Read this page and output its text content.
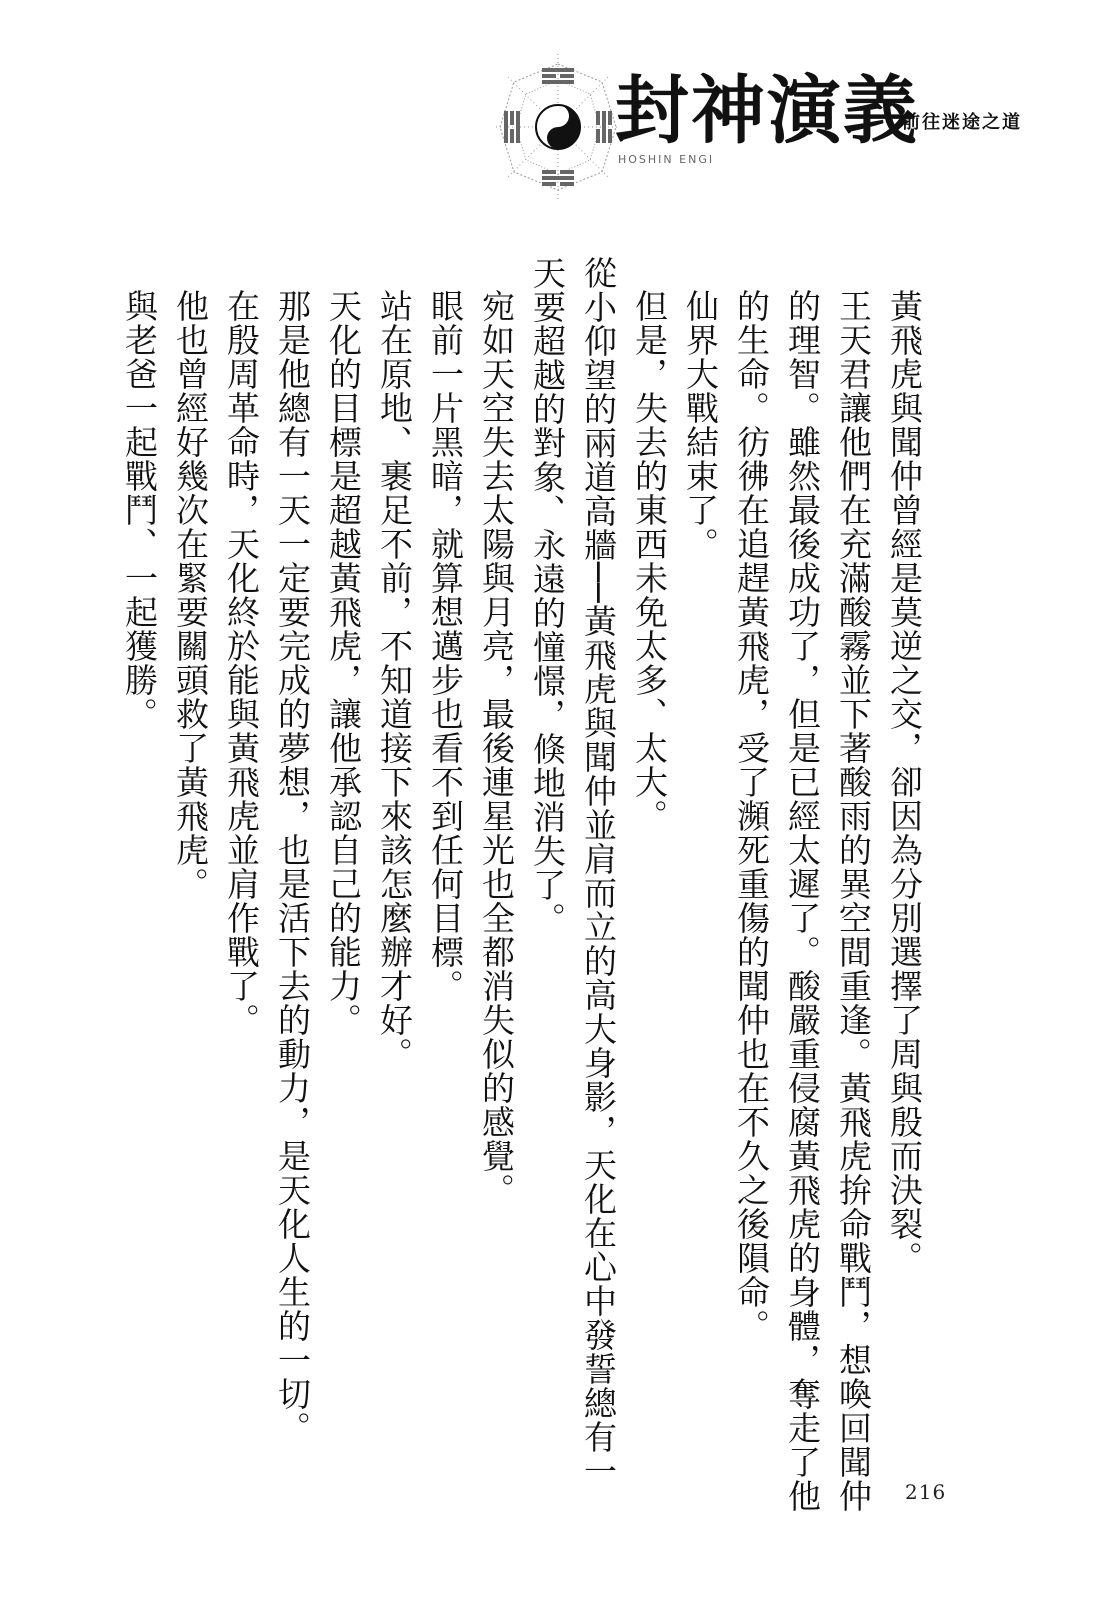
封神演義
前往迷途之道
HOSHIN ENGI

黃飛虎與聞仲曾經是莫逆之交，卻因為分別選擇了周與殷而決裂。

王天君讓他們在充滿酸霧並下著酸雨的異空間重逢。黃飛虎拚命戰鬥，想喚回聞仲的理智。雖然最後成功了，但是已經太遲了。酸嚴重侵腐黃飛虎的身體，奪走了他的生命。彷彿在追趕黃飛虎，受了瀕死重傷的聞仲也在不久之後隕命。

仙界大戰結束了。

但是，失去的東西未免太多、太大。

從小仰望的兩道高牆──黃飛虎與聞仲並肩而立的高大身影，天化在心中發誓總有一天要超越的對象、永遠的憧憬，倏地消失了。

宛如天空失去太陽與月亮，最後連星光也全都消失似的感覺。

眼前一片黑暗，就算想邁步也看不到任何目標。

站在原地、裹足不前，不知道接下來該怎麼辦才好。

天化的目標是超越黃飛虎，讓他承認自己的能力。

那是他總有一天一定要完成的夢想，也是活下去的動力，是天化人生的一切。

在殷周革命時，天化終於能與黃飛虎並肩作戰了。

他也曾經好幾次在緊要關頭救了黃飛虎。

與老爸一起戰鬥、一起獲勝。

216
